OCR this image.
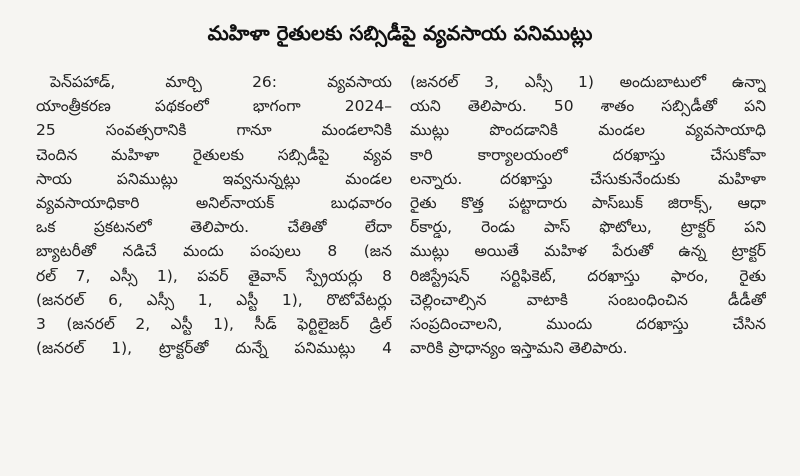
మహిళా రైతులకు సబ్సిడీపై వ్యవసాయ పనిముట్లు
పెన్‌పహాడ్, మార్చి 26: వ్యవసాయ
యాంత్రీకరణ పథకంలో భాగంగా 2024–
25 సంవత్సరానికి గానూ మండలానికి
చెందిన మహిళా రైతులకు సబ్సిడీపై వ్యవ
సాయ పనిముట్లు ఇవ్వనున్నట్లు మండల
వ్యవసాయాధికారి అనిల్‌నాయక్ బుధవారం
ఒక ప్రకటనలో తెలిపారు. చేతితో లేదా
బ్యాటరీతో నడిచే మందు పంపులు 8 (జన
రల్ 7, ఎస్సీ 1), పవర్ తైవాన్ స్ప్రేయర్లు 8
(జనరల్ 6, ఎస్సీ 1, ఎస్టీ 1), రొటోవేటర్లు
3 (జనరల్ 2, ఎస్టీ 1), సీడ్ ఫెర్టిలైజర్ డ్రిల్
(జనరల్ 1), ట్రాక్టర్‌తో దున్నే పనిముట్లు 4
(జనరల్ 3, ఎస్సీ 1) అందుబాటులో ఉన్నా
యని తెలిపారు. 50 శాతం సబ్సిడీతో పని
ముట్లు పొందడానికి మండల వ్యవసాయాధి
కారి కార్యాలయంలో దరఖాస్తు చేసుకోవా
లన్నారు. దరఖాస్తు చేసుకునేందుకు మహిళా
రైతు కొత్త పట్టాదారు పాస్‌బుక్ జిరాక్స్, ఆధా
ర్‌కార్డు, రెండు పాస్ ఫొటోలు, ట్రాక్టర్ పని
ముట్లు అయితే మహిళ పేరుతో ఉన్న ట్రాక్టర్
రిజిస్ట్రేషన్ సర్టిఫికెట్, దరఖాస్తు ఫారం, రైతు
చెల్లించాల్సిన వాటాకి సంబంధించిన డీడీతో
సంప్రదించాలని, ముందు దరఖాస్తు చేసిన
వారికి ప్రాధాన్యం ఇస్తామని తెలిపారు.
